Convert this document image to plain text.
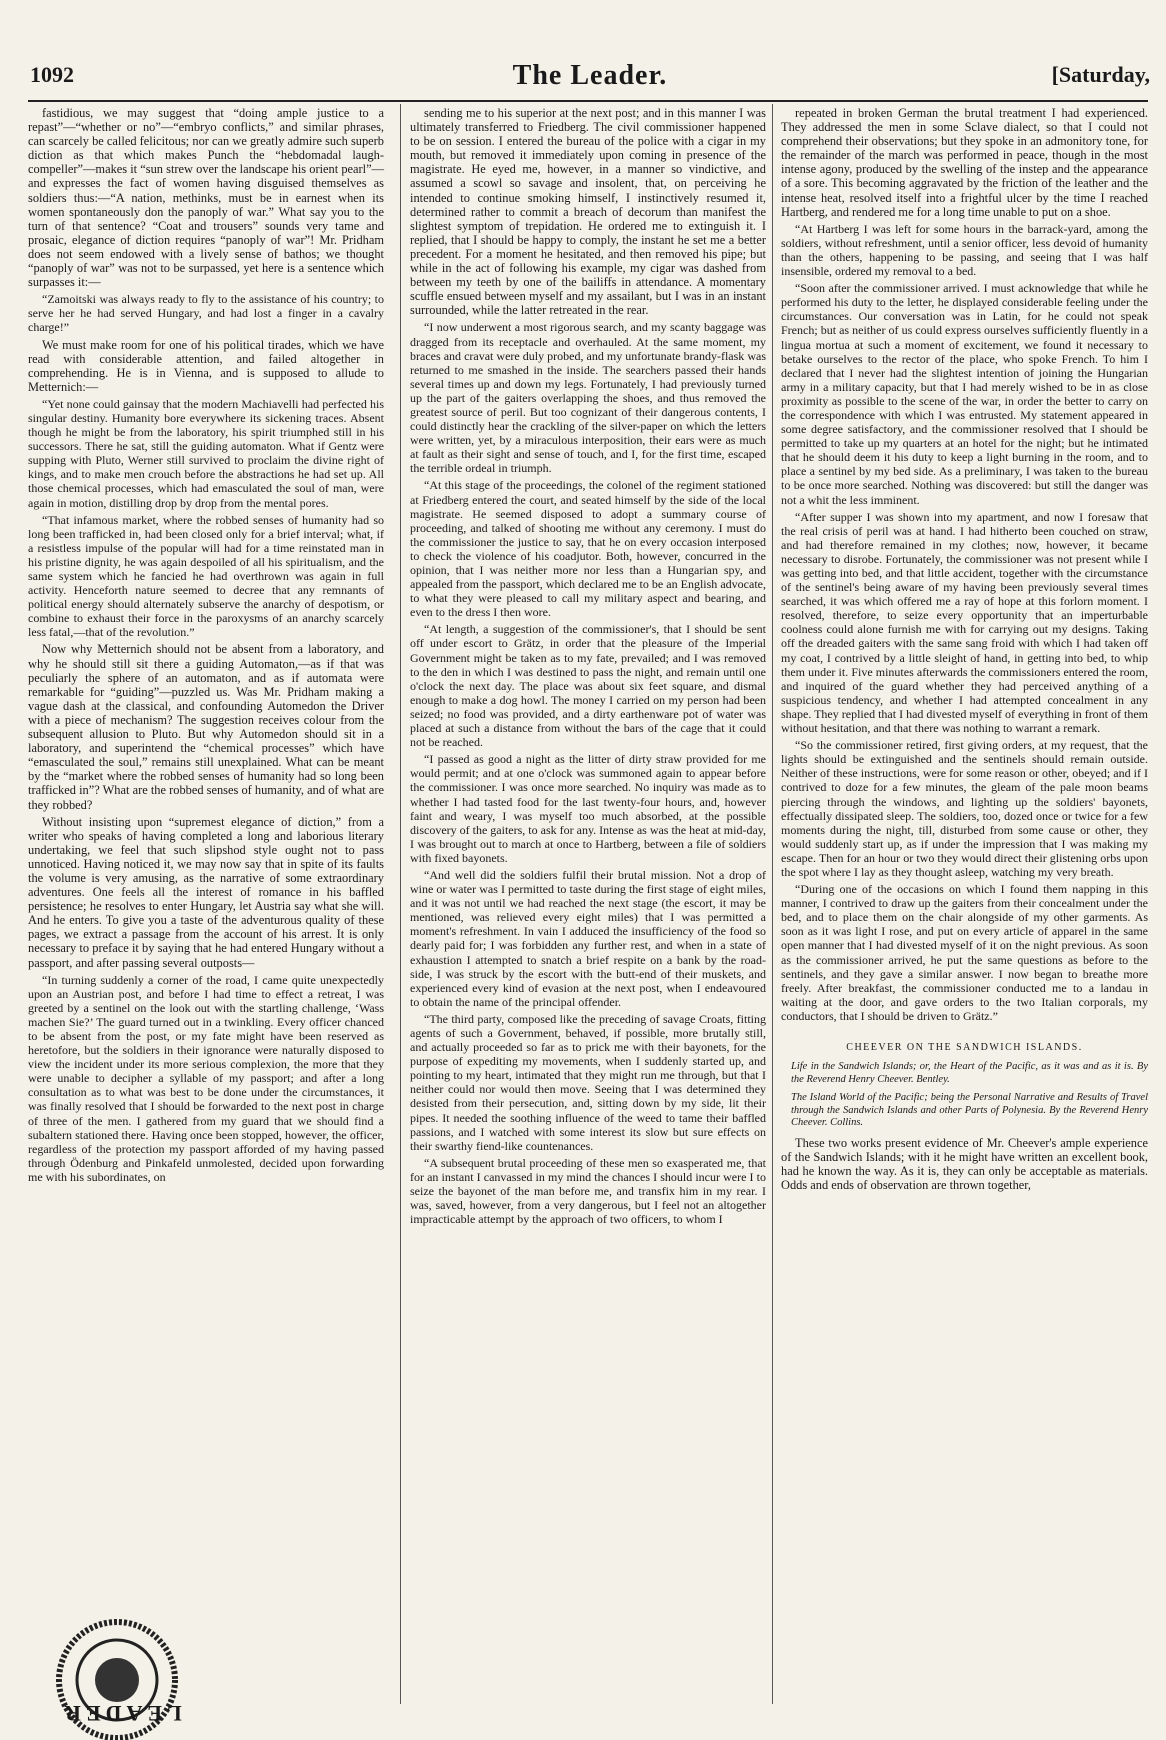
1092	The Leader.	[Saturday,

fastidious, we may suggest that “doing ample justice to a repast”—“whether or no”—“embryo conflicts,” and similar phrases, can scarcely be called felicitous; nor can we greatly admire such superb diction as that which makes Punch the “hebdomadal laugh-compeller”—makes it “sun strew over the landscape his orient pearl”—and expresses the fact of women having disguised themselves as soldiers thus:—“A nation, methinks, must be in earnest when its women spontaneously don the panoply of war.” What say you to the turn of that sentence? “Coat and trousers” sounds very tame and prosaic, elegance of diction requires “panoply of war”! Mr. Pridham does not seem endowed with a lively sense of bathos; we thought “panoply of war” was not to be surpassed, yet here is a sentence which surpasses it:—

“Zamoitski was always ready to fly to the assistance of his country; to serve her he had served Hungary, and had lost a finger in a cavalry charge!”

We must make room for one of his political tirades, which we have read with considerable attention, and failed altogether in comprehending. He is in Vienna, and is supposed to allude to Metternich:—

“Yet none could gainsay that the modern Machiavelli had perfected his singular destiny. Humanity bore everywhere its sickening traces. Absent though he might be from the laboratory, his spirit triumphed still in his successors. There he sat, still the guiding automaton. What if Gentz were supping with Pluto, Werner still survived to proclaim the divine right of kings, and to make men crouch before the abstractions he had set up. All those chemical processes, which had emasculated the soul of man, were again in motion, distilling drop by drop from the mental pores.

“That infamous market, where the robbed senses of humanity had so long been trafficked in, had been closed only for a brief interval; what, if a resistless impulse of the popular will had for a time reinstated man in his pristine dignity, he was again despoiled of all his spiritualism, and the same system which he fancied he had overthrown was again in full activity. Henceforth nature seemed to decree that any remnants of political energy should alternately subserve the anarchy of despotism, or combine to exhaust their force in the paroxysms of an anarchy scarcely less fatal,—that of the revolution.”

Now why Metternich should not be absent from a laboratory, and why he should still sit there a guiding Automaton,—as if that was peculiarly the sphere of an automaton, and as if automata were remarkable for “guiding”—puzzled us. Was Mr. Pridham making a vague dash at the classical, and confounding Automedon the Driver with a piece of mechanism? The suggestion receives colour from the subsequent allusion to Pluto. But why Automedon should sit in a laboratory, and superintend the “chemical processes” which have “emasculated the soul,” remains still unexplained. What can be meant by the “market where the robbed senses of humanity had so long been trafficked in”? What are the robbed senses of humanity, and of what are they robbed?

Without insisting upon “supremest elegance of diction,” from a writer who speaks of having completed a long and laborious literary undertaking, we feel that such slipshod style ought not to pass unnoticed. Having noticed it, we may now say that in spite of its faults the volume is very amusing, as the narrative of some extraordinary adventures. One feels all the interest of romance in his baffled persistence; he resolves to enter Hungary, let Austria say what she will. And he enters. To give you a taste of the adventurous quality of these pages, we extract a passage from the account of his arrest. It is only necessary to preface it by saying that he had entered Hungary without a passport, and after passing several outposts—

“In turning suddenly a corner of the road, I came quite unexpectedly upon an Austrian post, and before I had time to effect a retreat, I was greeted by a sentinel on the look out with the startling challenge, ‘Wass machen Sie?’ The guard turned out in a twinkling. Every officer chanced to be absent from the post, or my fate might have been reserved as heretofore, but the soldiers in their ignorance were naturally disposed to view the incident under its more serious complexion, the more that they were unable to decipher a syllable of my passport; and after a long consultation as to what was best to be done under the circumstances, it was finally resolved that I should be forwarded to the next post in charge of three of the men. I gathered from my guard that we should find a subaltern stationed there. Having once been stopped, however, the officer, regardless of the protection my passport afforded of my having passed through Ödenburg and Pinkafeld unmolested, decided upon forwarding me with his subordinates, on

sending me to his superior at the next post; and in this manner I was ultimately transferred to Friedberg. The civil commissioner happened to be on session. I entered the bureau of the police with a cigar in my mouth, but removed it immediately upon coming in presence of the magistrate. He eyed me, however, in a manner so vindictive, and assumed a scowl so savage and insolent, that, on perceiving he intended to continue smoking himself, I instinctively resumed it, determined rather to commit a breach of decorum than manifest the slightest symptom of trepidation. He ordered me to extinguish it. I replied, that I should be happy to comply, the instant he set me a better precedent. For a moment he hesitated, and then removed his pipe; but while in the act of following his example, my cigar was dashed from between my teeth by one of the bailiffs in attendance. A momentary scuffle ensued between myself and my assailant, but I was in an instant surrounded, while the latter retreated in the rear.

“I now underwent a most rigorous search, and my scanty baggage was dragged from its receptacle and overhauled. At the same moment, my braces and cravat were duly probed, and my unfortunate brandy-flask was returned to me smashed in the inside. The searchers passed their hands several times up and down my legs. Fortunately, I had previously turned up the part of the gaiters overlapping the shoes, and thus removed the greatest source of peril. But too cognizant of their dangerous contents, I could distinctly hear the crackling of the silver-paper on which the letters were written, yet, by a miraculous interposition, their ears were as much at fault as their sight and sense of touch, and I, for the first time, escaped the terrible ordeal in triumph.

“At this stage of the proceedings, the colonel of the regiment stationed at Friedberg entered the court, and seated himself by the side of the local magistrate. He seemed disposed to adopt a summary course of proceeding, and talked of shooting me without any ceremony. I must do the commissioner the justice to say, that he on every occasion interposed to check the violence of his coadjutor. Both, however, concurred in the opinion, that I was neither more nor less than a Hungarian spy, and appealed from the passport, which declared me to be an English advocate, to what they were pleased to call my military aspect and bearing, and even to the dress I then wore.

“At length, a suggestion of the commissioner's, that I should be sent off under escort to Grätz, in order that the pleasure of the Imperial Government might be taken as to my fate, prevailed; and I was removed to the den in which I was destined to pass the night, and remain until one o'clock the next day. The place was about six feet square, and dismal enough to make a dog howl. The money I carried on my person had been seized; no food was provided, and a dirty earthenware pot of water was placed at such a distance from without the bars of the cage that it could not be reached.

“I passed as good a night as the litter of dirty straw provided for me would permit; and at one o'clock was summoned again to appear before the commissioner. I was once more searched. No inquiry was made as to whether I had tasted food for the last twenty-four hours, and, however faint and weary, I was myself too much absorbed, at the possible discovery of the gaiters, to ask for any. Intense as was the heat at mid-day, I was brought out to march at once to Hartberg, between a file of soldiers with fixed bayonets.

“And well did the soldiers fulfil their brutal mission. Not a drop of wine or water was I permitted to taste during the first stage of eight miles, and it was not until we had reached the next stage (the escort, it may be mentioned, was relieved every eight miles) that I was permitted a moment's refreshment. In vain I adduced the insufficiency of the food so dearly paid for; I was forbidden any further rest, and when in a state of exhaustion I attempted to snatch a brief respite on a bank by the road-side, I was struck by the escort with the butt-end of their muskets, and experienced every kind of evasion at the next post, when I endeavoured to obtain the name of the principal offender.

“The third party, composed like the preceding of savage Croats, fitting agents of such a Government, behaved, if possible, more brutally still, and actually proceeded so far as to prick me with their bayonets, for the purpose of expediting my movements, when I suddenly started up, and pointing to my heart, intimated that they might run me through, but that I neither could nor would then move. Seeing that I was determined they desisted from their persecution, and, sitting down by my side, lit their pipes. It needed the soothing influence of the weed to tame their baffled passions, and I watched with some interest its slow but sure effects on their swarthy fiend-like countenances.

“A subsequent brutal proceeding of these men so exasperated me, that for an instant I canvassed in my mind the chances I should incur were I to seize the bayonet of the man before me, and transfix him in my rear. I was, saved, however, from a very dangerous, but I feel not an altogether impracticable attempt by the approach of two officers, to whom I

repeated in broken German the brutal treatment I had experienced. They addressed the men in some Sclave dialect, so that I could not comprehend their observations; but they spoke in an admonitory tone, for the remainder of the march was performed in peace, though in the most intense agony, produced by the swelling of the instep and the appearance of a sore. This becoming aggravated by the friction of the leather and the intense heat, resolved itself into a frightful ulcer by the time I reached Hartberg, and rendered me for a long time unable to put on a shoe.

“At Hartberg I was left for some hours in the barrack-yard, among the soldiers, without refreshment, until a senior officer, less devoid of humanity than the others, happening to be passing, and seeing that I was half insensible, ordered my removal to a bed.

“Soon after the commissioner arrived. I must acknowledge that while he performed his duty to the letter, he displayed considerable feeling under the circumstances. Our conversation was in Latin, for he could not speak French; but as neither of us could express ourselves sufficiently fluently in a lingua mortua at such a moment of excitement, we found it necessary to betake ourselves to the rector of the place, who spoke French. To him I declared that I never had the slightest intention of joining the Hungarian army in a military capacity, but that I had merely wished to be in as close proximity as possible to the scene of the war, in order the better to carry on the correspondence with which I was entrusted. My statement appeared in some degree satisfactory, and the commissioner resolved that I should be permitted to take up my quarters at an hotel for the night; but he intimated that he should deem it his duty to keep a light burning in the room, and to place a sentinel by my bed side. As a preliminary, I was taken to the bureau to be once more searched. Nothing was discovered: but still the danger was not a whit the less imminent.

“After supper I was shown into my apartment, and now I foresaw that the real crisis of peril was at hand. I had hitherto been couched on straw, and had therefore remained in my clothes; now, however, it became necessary to disrobe. Fortunately, the commissioner was not present while I was getting into bed, and that little accident, together with the circumstance of the sentinel's being aware of my having been previously several times searched, it was which offered me a ray of hope at this forlorn moment. I resolved, therefore, to seize every opportunity that an imperturbable coolness could alone furnish me with for carrying out my designs. Taking off the dreaded gaiters with the same sang froid with which I had taken off my coat, I contrived by a little sleight of hand, in getting into bed, to whip them under it. Five minutes afterwards the commissioners entered the room, and inquired of the guard whether they had perceived anything of a suspicious tendency, and whether I had attempted concealment in any shape. They replied that I had divested myself of everything in front of them without hesitation, and that there was nothing to warrant a remark.

“So the commissioner retired, first giving orders, at my request, that the lights should be extinguished and the sentinels should remain outside. Neither of these instructions, were for some reason or other, obeyed; and if I contrived to doze for a few minutes, the gleam of the pale moon beams piercing through the windows, and lighting up the soldiers' bayonets, effectually dissipated sleep. The soldiers, too, dozed once or twice for a few moments during the night, till, disturbed from some cause or other, they would suddenly start up, as if under the impression that I was making my escape. Then for an hour or two they would direct their glistening orbs upon the spot where I lay as they thought asleep, watching my very breath.

“During one of the occasions on which I found them napping in this manner, I contrived to draw up the gaiters from their concealment under the bed, and to place them on the chair alongside of my other garments. As soon as it was light I rose, and put on every article of apparel in the same open manner that I had divested myself of it on the night previous. As soon as the commissioner arrived, he put the same questions as before to the sentinels, and they gave a similar answer. I now began to breathe more freely. After breakfast, the commissioner conducted me to a landau in waiting at the door, and gave orders to the two Italian corporals, my conductors, that I should be driven to Grätz.”

CHEEVER ON THE SANDWICH ISLANDS.
Life in the Sandwich Islands; or, the Heart of the Pacific, as it was and as it is. By the Reverend Henry Cheever. Bentley.
The Island World of the Pacific; being the Personal Narrative and Results of Travel through the Sandwich Islands and other Parts of Polynesia. By the Reverend Henry Cheever. Collins.

These two works present evidence of Mr. Cheever's ample experience of the Sandwich Islands; with it he might have written an excellent book, had he known the way. As it is, they can only be acceptable as materials. Odds and ends of observation are thrown together,

LEADER
